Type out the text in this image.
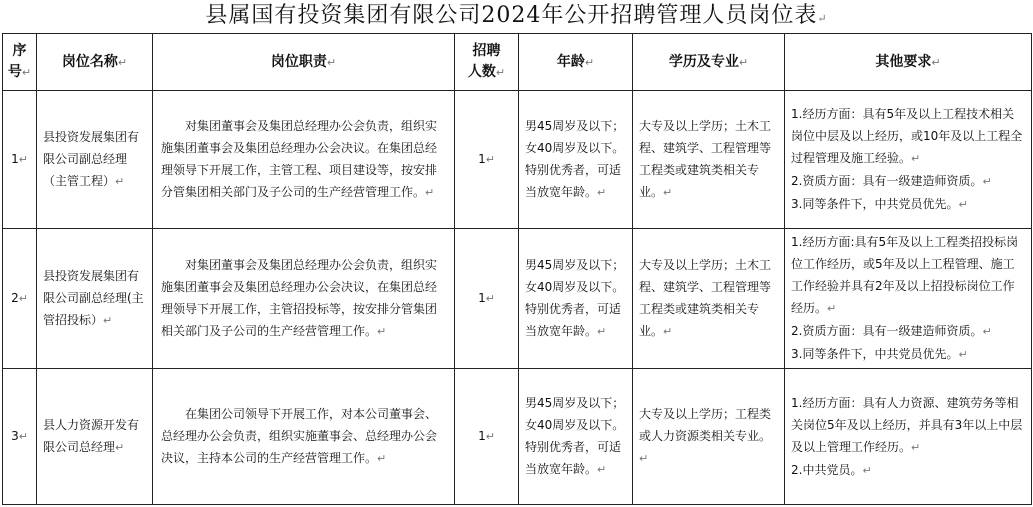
县属国有投资集团有限公司2024年公开招聘管理人员岗位表↵
序
号↵	岗位名称↵	岗位职责↵	招聘
人数↵	年龄↵	学历及专业↵	其他要求↵
1↵	县投资发展集团有限公司副总经理（主管工程）↵	对集团董事会及集团总经理办公会负责，组织实施集团董事会及集团总经理办公会决议。在集团总经理领导下开展工作，主管工程、项目建设等，按安排分管集团相关部门及子公司的生产经营管理工作。↵	1↵	男45周岁及以下；女40周岁及以下。特别优秀者，可适当放宽年龄。↵	大专及以上学历；土木工程、建筑学、工程管理等工程类或建筑类相关专业。↵	1.经历方面：具有5年及以上工程技术相关岗位中层及以上经历，或10年及以上工程全过程管理及施工经验。↵
2.资质方面：具有一级建造师资质。↵
3.同等条件下，中共党员优先。↵

2↵	县投资发展集团有限公司副总经理(主管招投标）↵	对集团董事会及集团总经理办公会负责，组织实施集团董事会及集团总经理办公会决议，在集团总经理领导下开展工作，主管招投标等，按安排分管集团相关部门及子公司的生产经营管理工作。↵	1↵	男45周岁及以下；女40周岁及以下。特别优秀者，可适当放宽年龄。↵	大专及以上学历；土木工程、建筑学、工程管理等工程类或建筑类相关专业。↵	1.经历方面:具有5年及以上工程类招投标岗位工作经历，或5年及以上工程管理、施工工作经验并具有2年及以上招投标岗位工作经历。↵
2.资质方面：具有一级建造师资质。↵
3.同等条件下，中共党员优先。↵

3↵	县人力资源开发有限公司总经理↵	在集团公司领导下开展工作，对本公司董事会、总经理办公会负责，组织实施董事会、总经理办公会决议，主持本公司的生产经营管理工作。↵	1↵	男45周岁及以下；女40周岁及以下。特别优秀者，可适当放宽年龄。↵	大专及以上学历；工程类或人力资源类相关专业。↵	1.经历方面：具有人力资源、建筑劳务等相关岗位5年及以上经历，并具有3年以上中层及以上管理工作经历。↵
2.中共党员。↵
